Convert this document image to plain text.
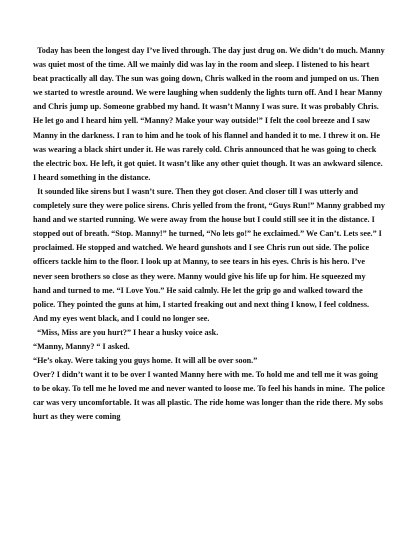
Today has been the longest day I’ve lived through. The day just drug on. We didn’t do much. Manny was quiet most of the time. All we mainly did was lay in the room and sleep. I listened to his heart beat practically all day. The sun was going down, Chris walked in the room and jumped on us. Then we started to wrestle around. We were laughing when suddenly the lights turn off. And I hear Manny and Chris jump up. Someone grabbed my hand. It wasn’t Manny I was sure. It was probably Chris. He let go and I heard him yell. “Manny? Make your way outside!” I felt the cool breeze and I saw Manny in the darkness. I ran to him and he took of his flannel and handed it to me. I threw it on. He was wearing a black shirt under it. He was rarely cold. Chris announced that he was going to check the electric box. He left, it got quiet. It wasn’t like any other quiet though. It was an awkward silence. I heard something in the distance.

It sounded like sirens but I wasn’t sure. Then they got closer. And closer till I was utterly and completely sure they were police sirens. Chris yelled from the front, “Guys Run!” Manny grabbed my hand and we started running. We were away from the house but I could still see it in the distance. I stopped out of breath. “Stop. Manny!” he turned, “No lets go!” he exclaimed.” We Can’t. Lets see.” I proclaimed. He stopped and watched. We heard gunshots and I see Chris run out side. The police officers tackle him to the floor. I look up at Manny, to see tears in his eyes. Chris is his hero. I’ve never seen brothers so close as they were. Manny would give his life up for him. He squeezed my hand and turned to me. “I Love You.” He said calmly. He let the grip go and walked toward the police. They pointed the guns at him, I started freaking out and next thing I know, I feel coldness. And my eyes went black, and I could no longer see.

“Miss, Miss are you hurt?” I hear a husky voice ask.

“Manny, Manny? “ I asked.

“He’s okay. Were taking you guys home. It will all be over soon.”

Over? I didn’t want it to be over I wanted Manny here with me. To hold me and tell me it was going to be okay. To tell me he loved me and never wanted to loose me. To feel his hands in mine.  The police car was very uncomfortable. It was all plastic. The ride home was longer than the ride there. My sobs hurt as they were coming
